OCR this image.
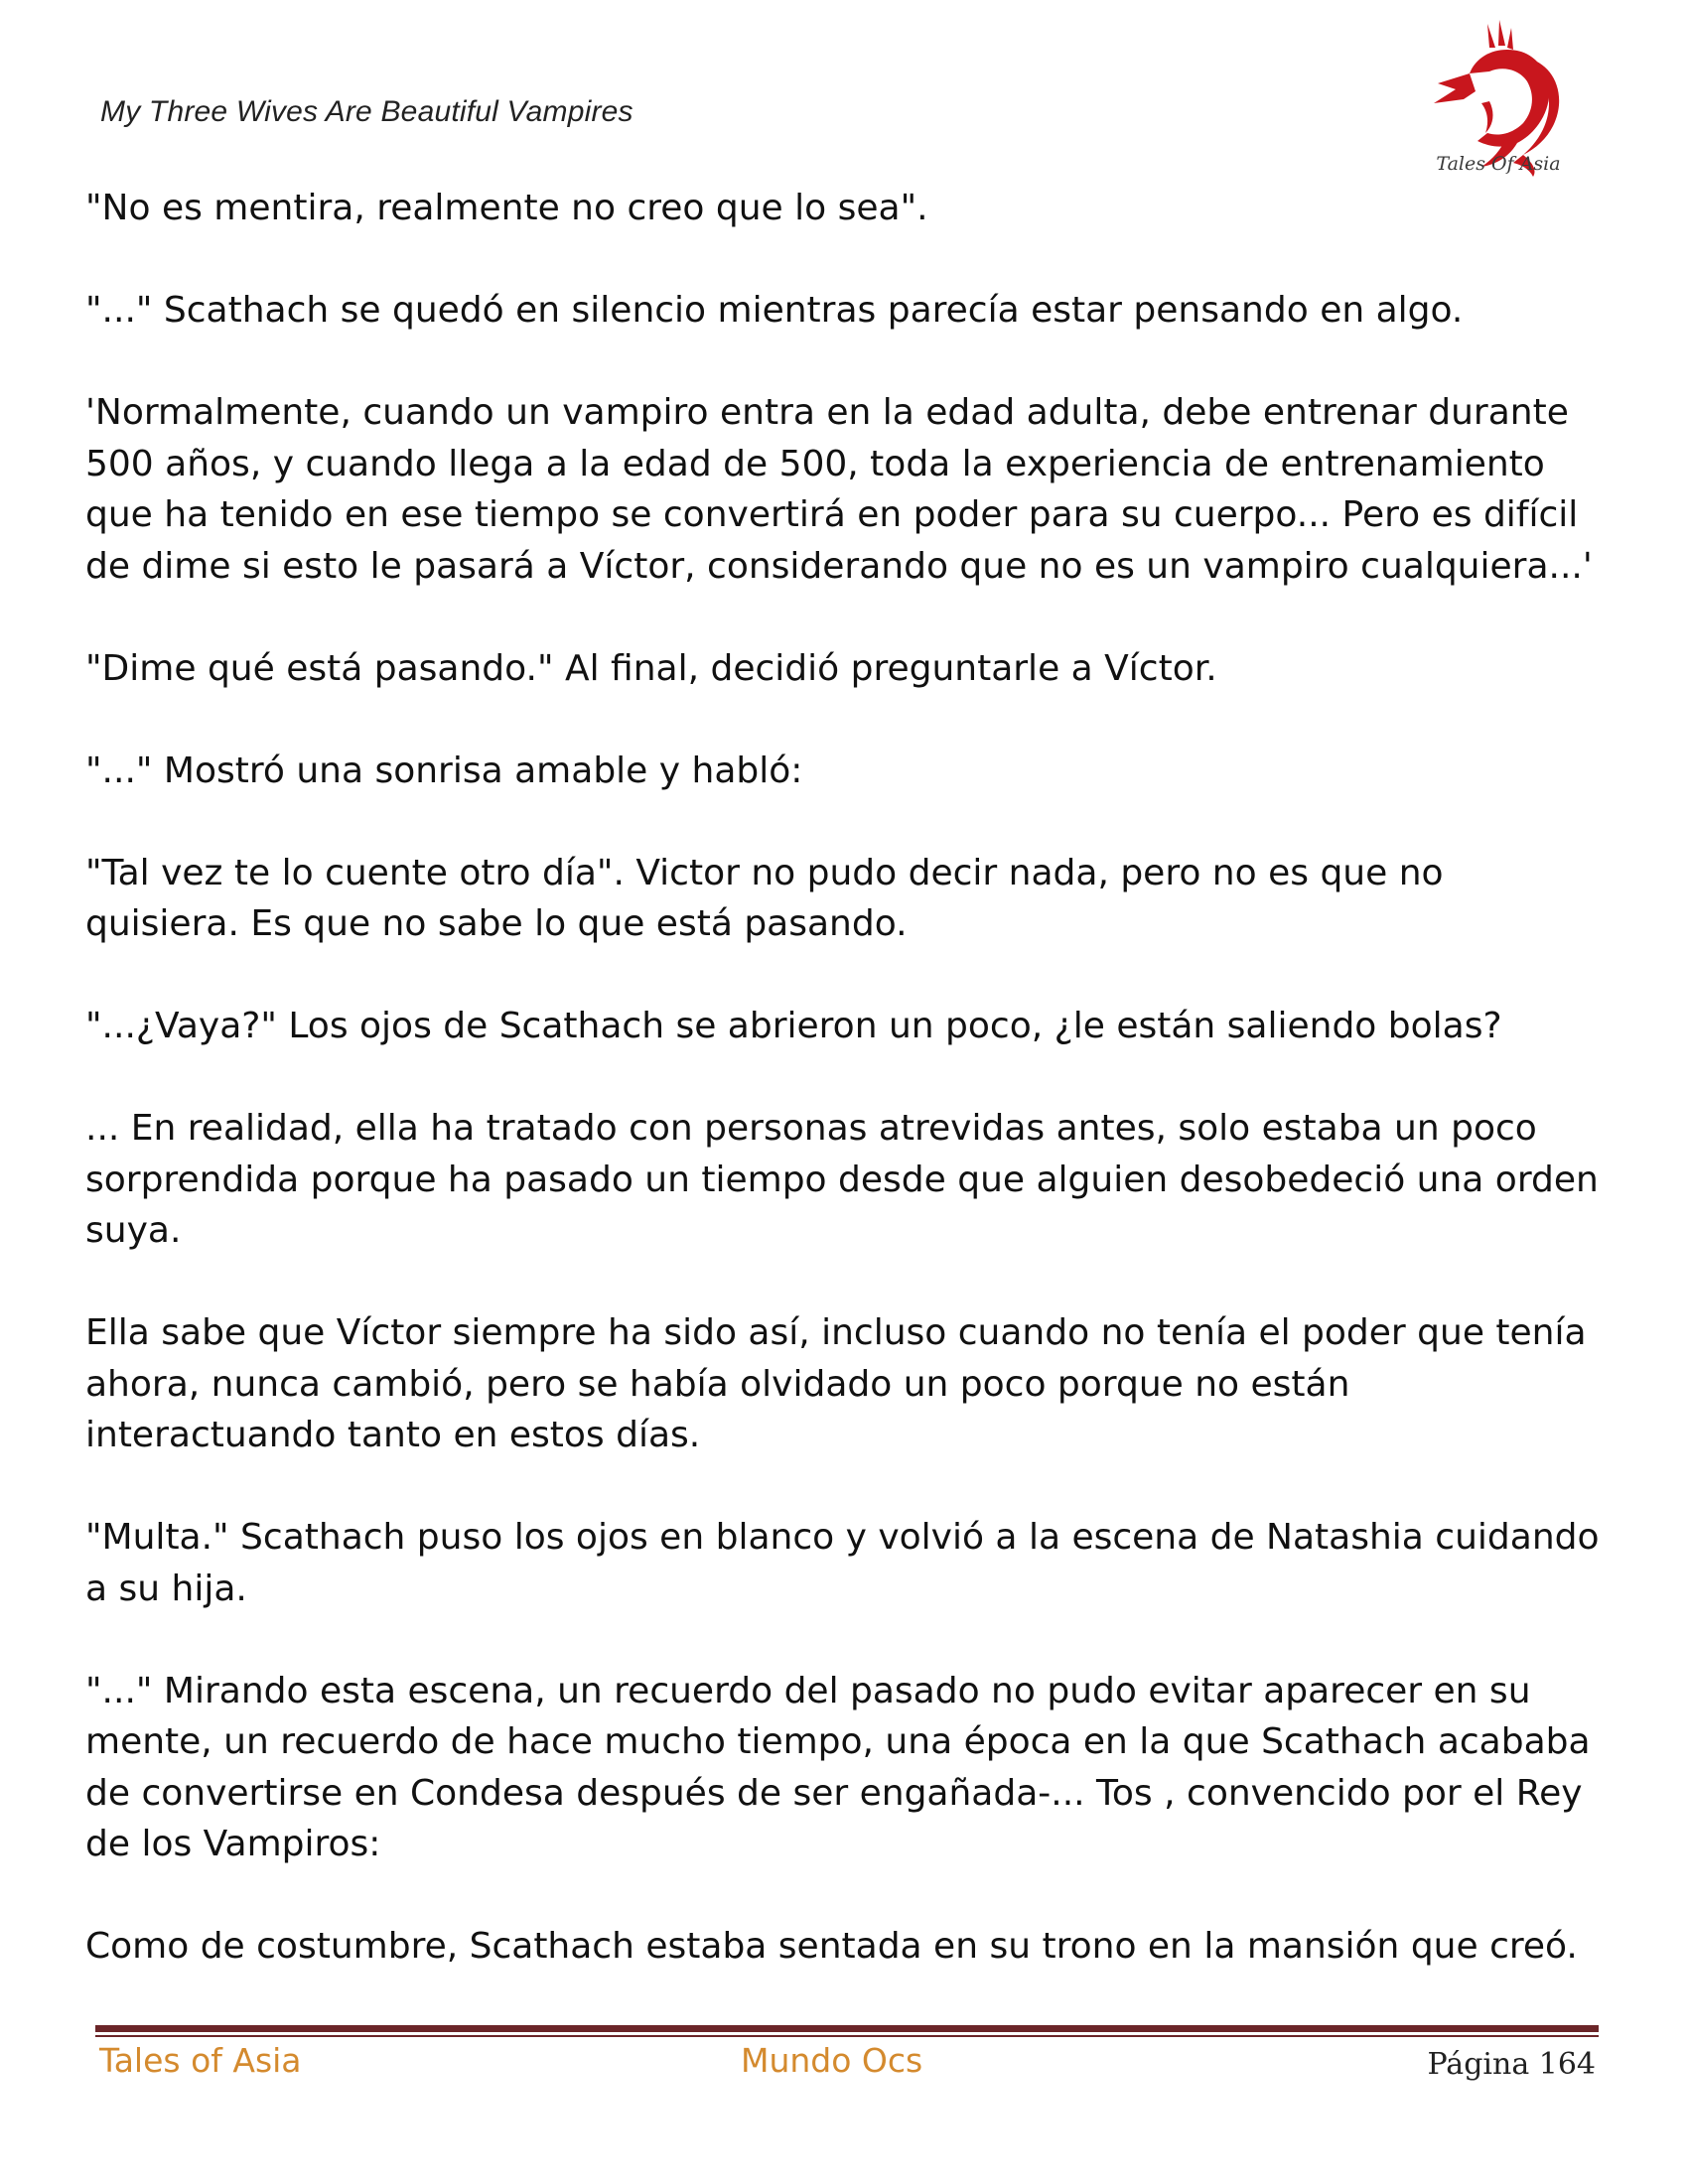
My Three Wives Are Beautiful Vampires
Tales Of Asia

"No es mentira, realmente no creo que lo sea".

"..." Scathach se quedó en silencio mientras parecía estar pensando en algo.

'Normalmente, cuando un vampiro entra en la edad adulta, debe entrenar durante 500 años, y cuando llega a la edad de 500, toda la experiencia de entrenamiento que ha tenido en ese tiempo se convertirá en poder para su cuerpo... Pero es difícil de dime si esto le pasará a Víctor, considerando que no es un vampiro cualquiera...'

"Dime qué está pasando." Al final, decidió preguntarle a Víctor.

"..." Mostró una sonrisa amable y habló:

"Tal vez te lo cuente otro día". Victor no pudo decir nada, pero no es que no quisiera. Es que no sabe lo que está pasando.

"...¿Vaya?" Los ojos de Scathach se abrieron un poco, ¿le están saliendo bolas?

... En realidad, ella ha tratado con personas atrevidas antes, solo estaba un poco sorprendida porque ha pasado un tiempo desde que alguien desobedeció una orden suya.

Ella sabe que Víctor siempre ha sido así, incluso cuando no tenía el poder que tenía ahora, nunca cambió, pero se había olvidado un poco porque no están interactuando tanto en estos días.

"Multa." Scathach puso los ojos en blanco y volvió a la escena de Natashia cuidando a su hija.

"..." Mirando esta escena, un recuerdo del pasado no pudo evitar aparecer en su mente, un recuerdo de hace mucho tiempo, una época en la que Scathach acababa de convertirse en Condesa después de ser engañada-... Tos , convencido por el Rey de los Vampiros:

Como de costumbre, Scathach estaba sentada en su trono en la mansión que creó.

Tales of Asia	Mundo Ocs	Página 164
